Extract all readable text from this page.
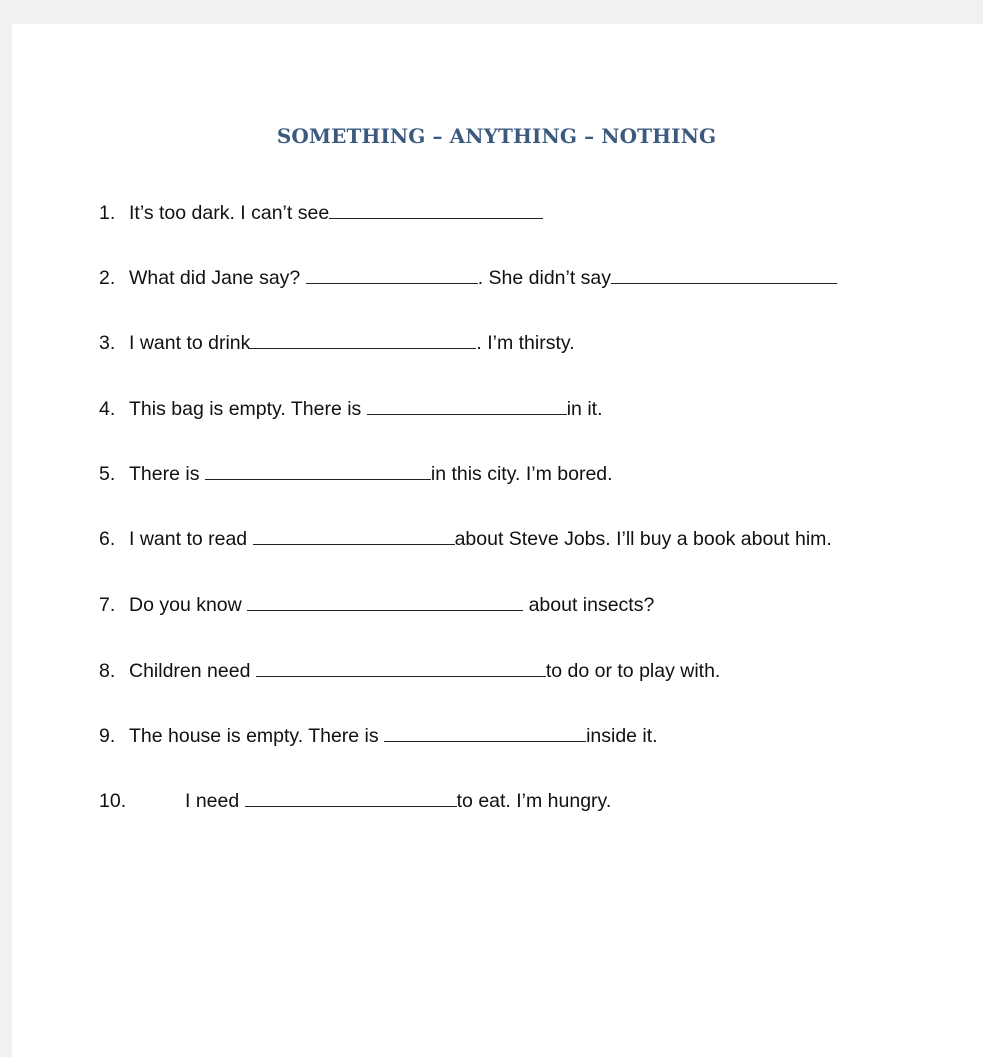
SOMETHING – ANYTHING – NOTHING
1. It’s too dark. I can’t see
2. What did Jane say?	. She didn’t say
3. I want to drink	. I’m thirsty.
4. This bag is empty. There is	in it.
5. There is	in this city. I’m bored.
6. I want to read	about Steve Jobs. I’ll buy a book about him.
7. Do you know	about insects?
8. Children need	to do or to play with.
9. The house is empty. There is	inside it.
10.	I need	to eat. I’m hungry.
